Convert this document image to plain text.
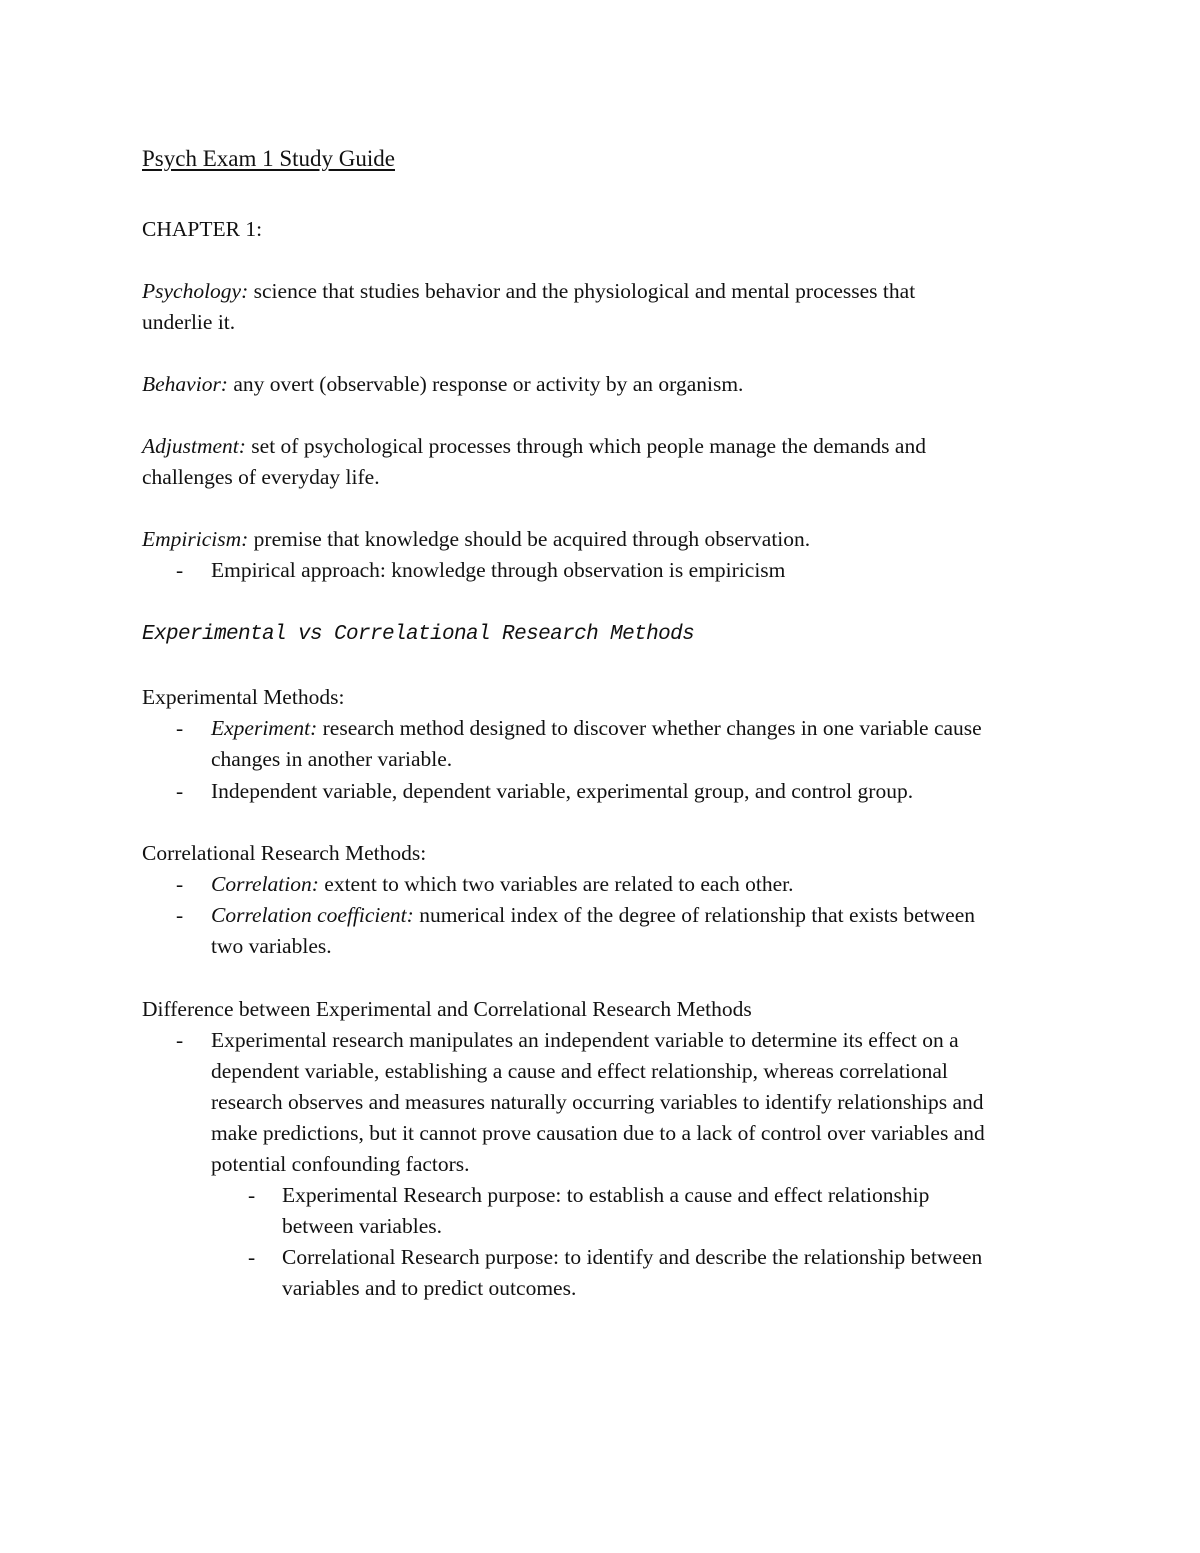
Psych Exam 1 Study Guide
CHAPTER 1:
Psychology: science that studies behavior and the physiological and mental processes that
underlie it.
Behavior: any overt (observable) response or activity by an organism.
Adjustment: set of psychological processes through which people manage the demands and
challenges of everyday life.
Empiricism: premise that knowledge should be acquired through observation.
- Empirical approach: knowledge through observation is empiricism
Experimental vs Correlational Research Methods
Experimental Methods:
- Experiment: research method designed to discover whether changes in one variable cause
changes in another variable.
- Independent variable, dependent variable, experimental group, and control group.
Correlational Research Methods:
- Correlation: extent to which two variables are related to each other.
- Correlation coefficient: numerical index of the degree of relationship that exists between
two variables.
Difference between Experimental and Correlational Research Methods
- Experimental research manipulates an independent variable to determine its effect on a
dependent variable, establishing a cause and effect relationship, whereas correlational
research observes and measures naturally occurring variables to identify relationships and
make predictions, but it cannot prove causation due to a lack of control over variables and
potential confounding factors.
- Experimental Research purpose: to establish a cause and effect relationship
between variables.
- Correlational Research purpose: to identify and describe the relationship between
variables and to predict outcomes.
